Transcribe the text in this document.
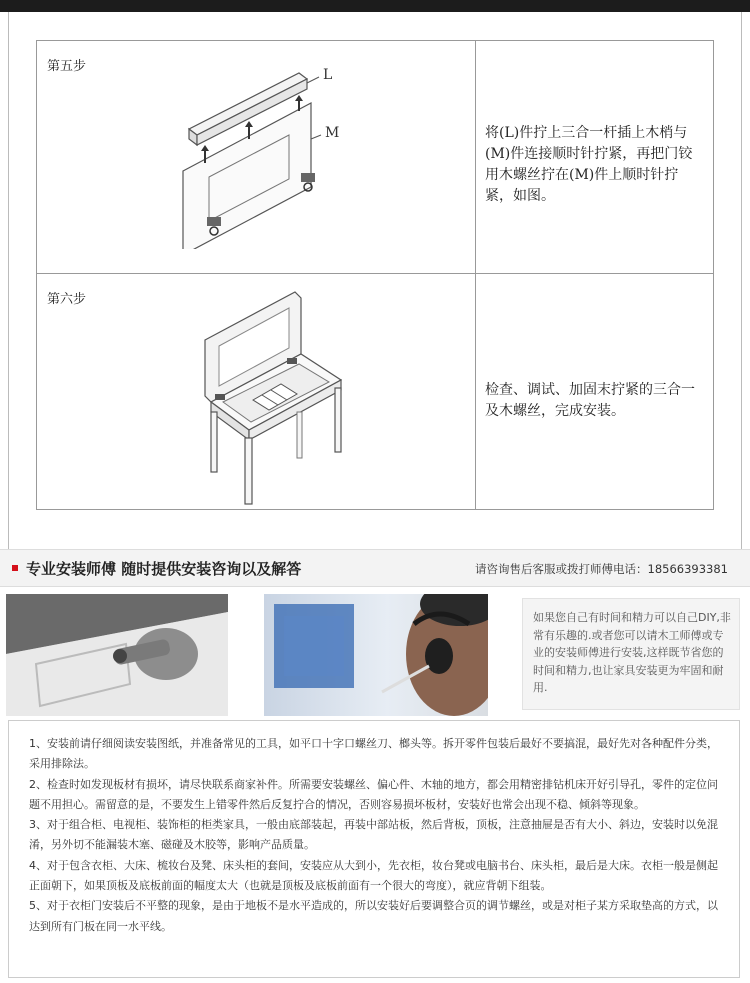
第五步
L
M	将(L)件拧上三合一杆插上木梢与(M)件连接顺时针拧紧，再把门铰用木螺丝拧在(M)件上顺时针拧紧，如图。
第六步
检查、调试、加固末拧紧的三合一及木螺丝，完成安装。
专业安装师傅 随时提供安装咨询以及解答	请咨询售后客服或拨打师傅电话：18566393381
如果您自己有时间和精力可以自己DIY,非常有乐趣的.或者您可以请木工师傅或专业的安装师傅进行安装,这样既节省您的时间和精力,也让家具安装更为牢固和耐用.

1、安装前请仔细阅读安装图纸，并准备常见的工具，如平口十字口螺丝刀、榔头等。拆开零件包装后最好不要搞混，最好先对各种配件分类，采用排除法。

2、检查时如发现板材有损坏，请尽快联系商家补件。所需要安装螺丝、偏心件、木轴的地方，都会用精密排钻机床开好引导孔，零件的定位问题不用担心。需留意的是，不要发生上错零件然后反复拧合的情况，否则容易损坏板材，安装好也常会出现不稳、倾斜等现象。

3、对于组合柜、电视柜、装饰柜的柜类家具，一般由底部装起，再装中部站板，然后背板，顶板，注意抽屉是否有大小、斜边，安装时以免混淆，另外切不能漏装木塞、磁碰及木胶等，影响产品质量。

4、对于包含衣柜、大床、梳妆台及凳、床头柜的套间，安装应从大到小，先衣柜，妆台凳或电脑书台、床头柜，最后是大床。衣柜一般是侧起正面朝下，如果顶板及底板前面的幅度太大（也就是顶板及底板前面有一个很大的弯度），就应背朝下组装。

5、对于衣柜门安装后不平整的现象，是由于地板不是水平造成的，所以安装好后要调整合页的调节螺丝，或是对柜子某方采取垫高的方式，以达到所有门板在同一水平线。
